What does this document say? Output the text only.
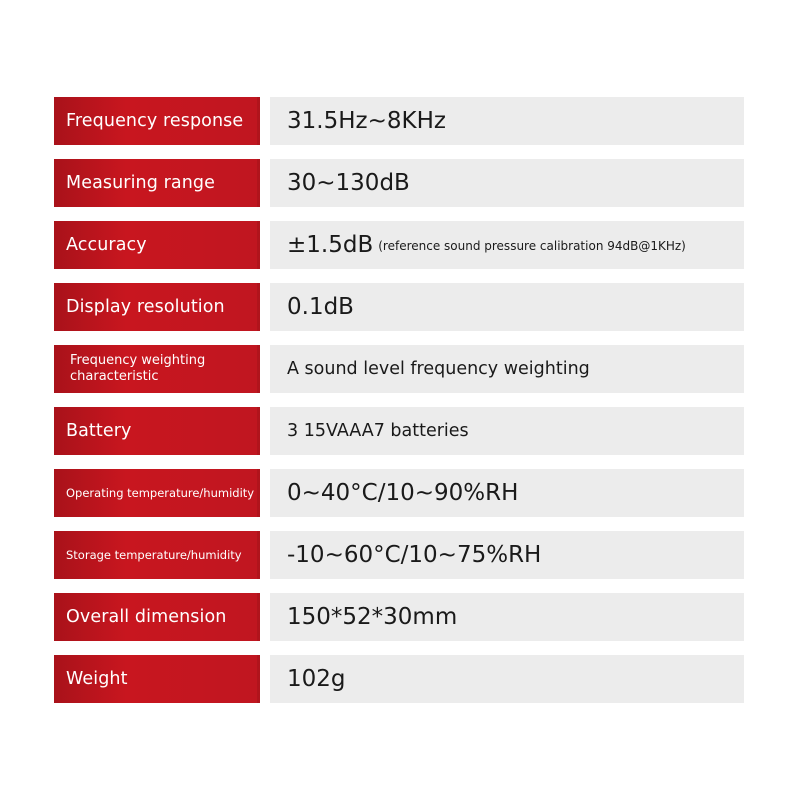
Frequency response	31.5Hz~8KHz
Measuring range	30~130dB
Accuracy	±1.5dB (reference sound pressure calibration 94dB@1KHz)
Display resolution	0.1dB
Frequency weighting characteristic	A sound level frequency weighting
Battery	3 15VAAA7 batteries
Operating temperature/humidity 0~40°C/10~90%RH
Storage temperature/humidity	-10~60°C/10~75%RH
Overall dimension	150*52*30mm
Weight	102g
